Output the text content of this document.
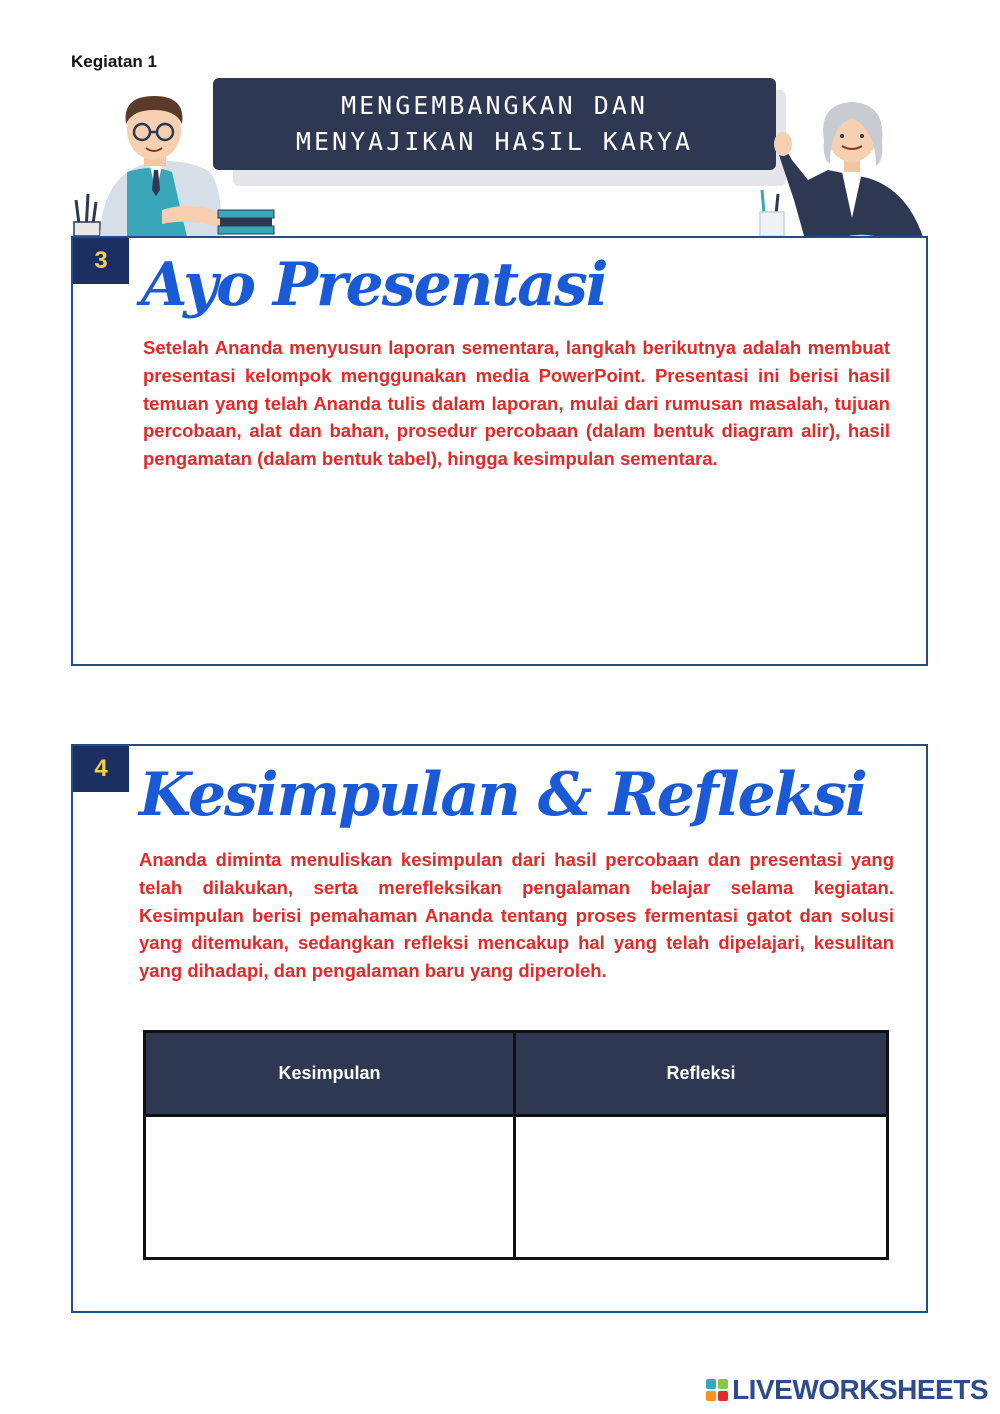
Kegiatan 1
MENGEMBANGKAN DAN
MENYAJIKAN HASIL KARYA
3 Ayo Presentasi

Setelah Ananda menyusun laporan sementara, langkah berikutnya adalah membuat presentasi kelompok menggunakan media PowerPoint. Presentasi ini berisi hasil temuan yang telah Ananda tulis dalam laporan, mulai dari rumusan masalah, tujuan percobaan, alat dan bahan, prosedur percobaan (dalam bentuk diagram alir), hasil pengamatan (dalam bentuk tabel), hingga kesimpulan sementara.

4 Kesimpulan & Refleksi

Ananda diminta menuliskan kesimpulan dari hasil percobaan dan presentasi yang telah dilakukan, serta merefleksikan pengalaman belajar selama kegiatan. Kesimpulan berisi pemahaman Ananda tentang proses fermentasi gatot dan solusi yang ditemukan, sedangkan refleksi mencakup hal yang telah dipelajari, kesulitan yang dihadapi, dan pengalaman baru yang diperoleh.

Kesimpulan	Refleksi
LIVEWORKSHEETS
